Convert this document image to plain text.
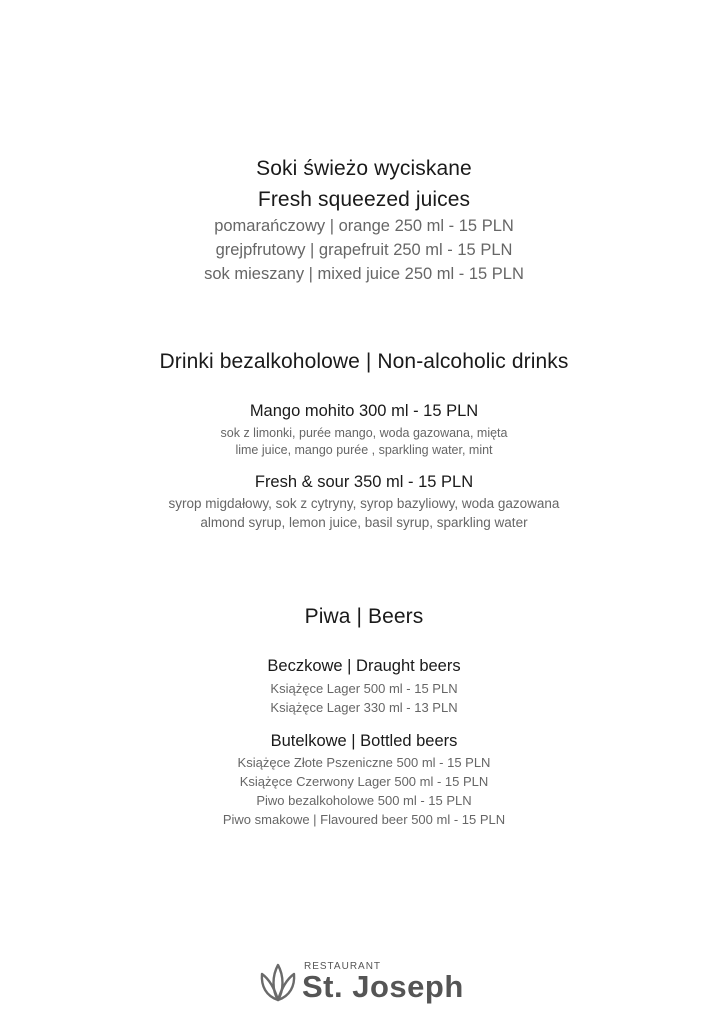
Soki świeżo wyciskane
Fresh squeezed juices
pomarańczowy | orange 250 ml - 15 PLN
grejpfrutowy | grapefruit 250 ml - 15 PLN
sok mieszany | mixed juice 250 ml - 15 PLN
Drinki bezalkoholowe | Non-alcoholic drinks
Mango mohito 300 ml - 15 PLN
sok z limonki, purée mango, woda gazowana, mięta
lime juice, mango purée , sparkling water, mint
Fresh & sour 350 ml - 15 PLN
syrop migdałowy, sok z cytryny, syrop bazyliowy, woda gazowana
almond syrup, lemon juice, basil syrup, sparkling water
Piwa | Beers
Beczkowe | Draught beers
Książęce Lager 500 ml - 15 PLN
Książęce Lager 330 ml - 13 PLN
Butelkowe | Bottled beers
Książęce Złote Pszeniczne 500 ml - 15 PLN
Książęce Czerwony Lager 500 ml - 15 PLN
Piwo bezalkoholowe 500 ml - 15 PLN
Piwo smakowe | Flavoured beer 500 ml - 15 PLN
RESTAURANT
St. Joseph
